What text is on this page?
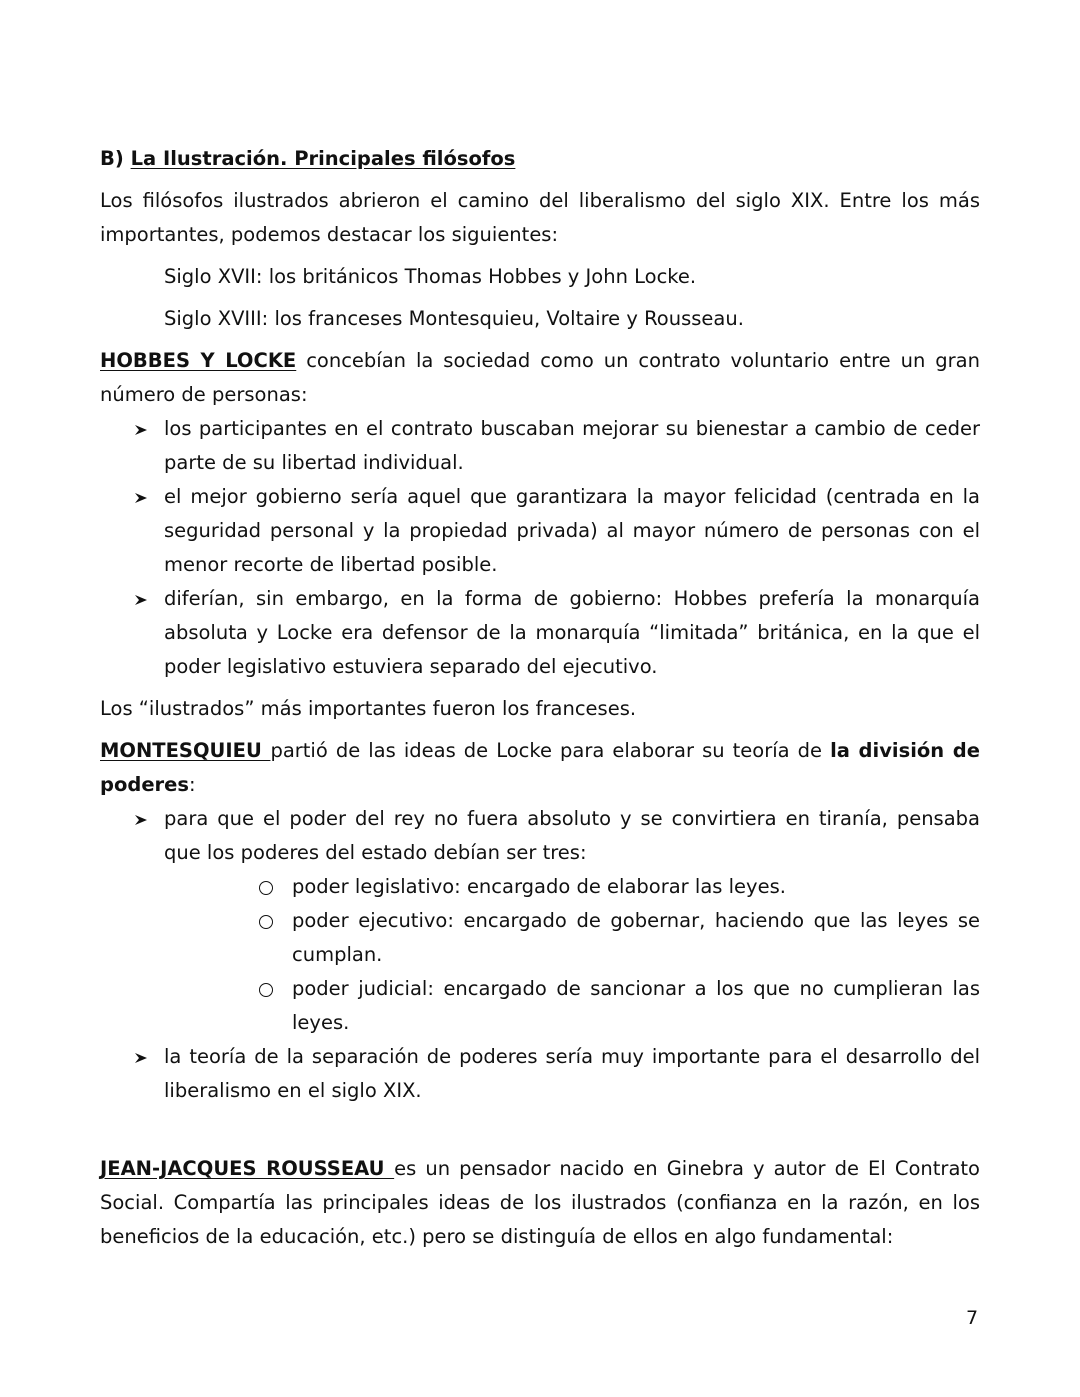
B) La Ilustración. Principales filósofos

Los filósofos ilustrados abrieron el camino del liberalismo del siglo XIX. Entre los más importantes, podemos destacar los siguientes:

Siglo XVII: los británicos Thomas Hobbes y John Locke.

Siglo XVIII: los franceses Montesquieu, Voltaire y Rousseau.

HOBBES Y LOCKE concebían la sociedad como un contrato voluntario entre un gran número de personas:

los participantes en el contrato buscaban mejorar su bienestar a cambio de ceder parte de su libertad individual.
el mejor gobierno sería aquel que garantizara la mayor felicidad (centrada en la seguridad personal y la propiedad privada) al mayor número de personas con el menor recorte de libertad posible.
diferían, sin embargo, en la forma de gobierno: Hobbes prefería la monarquía absoluta y Locke era defensor de la monarquía “limitada” británica, en la que el poder legislativo estuviera separado del ejecutivo.

Los “ilustrados” más importantes fueron los franceses.

MONTESQUIEU partió de las ideas de Locke para elaborar su teoría de la división de poderes:

para que el poder del rey no fuera absoluto y se convirtiera en tiranía, pensaba que los poderes del estado debían ser tres:
poder legislativo: encargado de elaborar las leyes.
poder ejecutivo: encargado de gobernar, haciendo que las leyes se cumplan.
poder judicial: encargado de sancionar a los que no cumplieran las leyes.
la teoría de la separación de poderes sería muy importante para el desarrollo del liberalismo en el siglo XIX.

JEAN-JACQUES ROUSSEAU es un pensador nacido en Ginebra y autor de El Contrato Social. Compartía las principales ideas de los ilustrados (confianza en la razón, en los beneficios de la educación, etc.) pero se distinguía de ellos en algo fundamental:

7
